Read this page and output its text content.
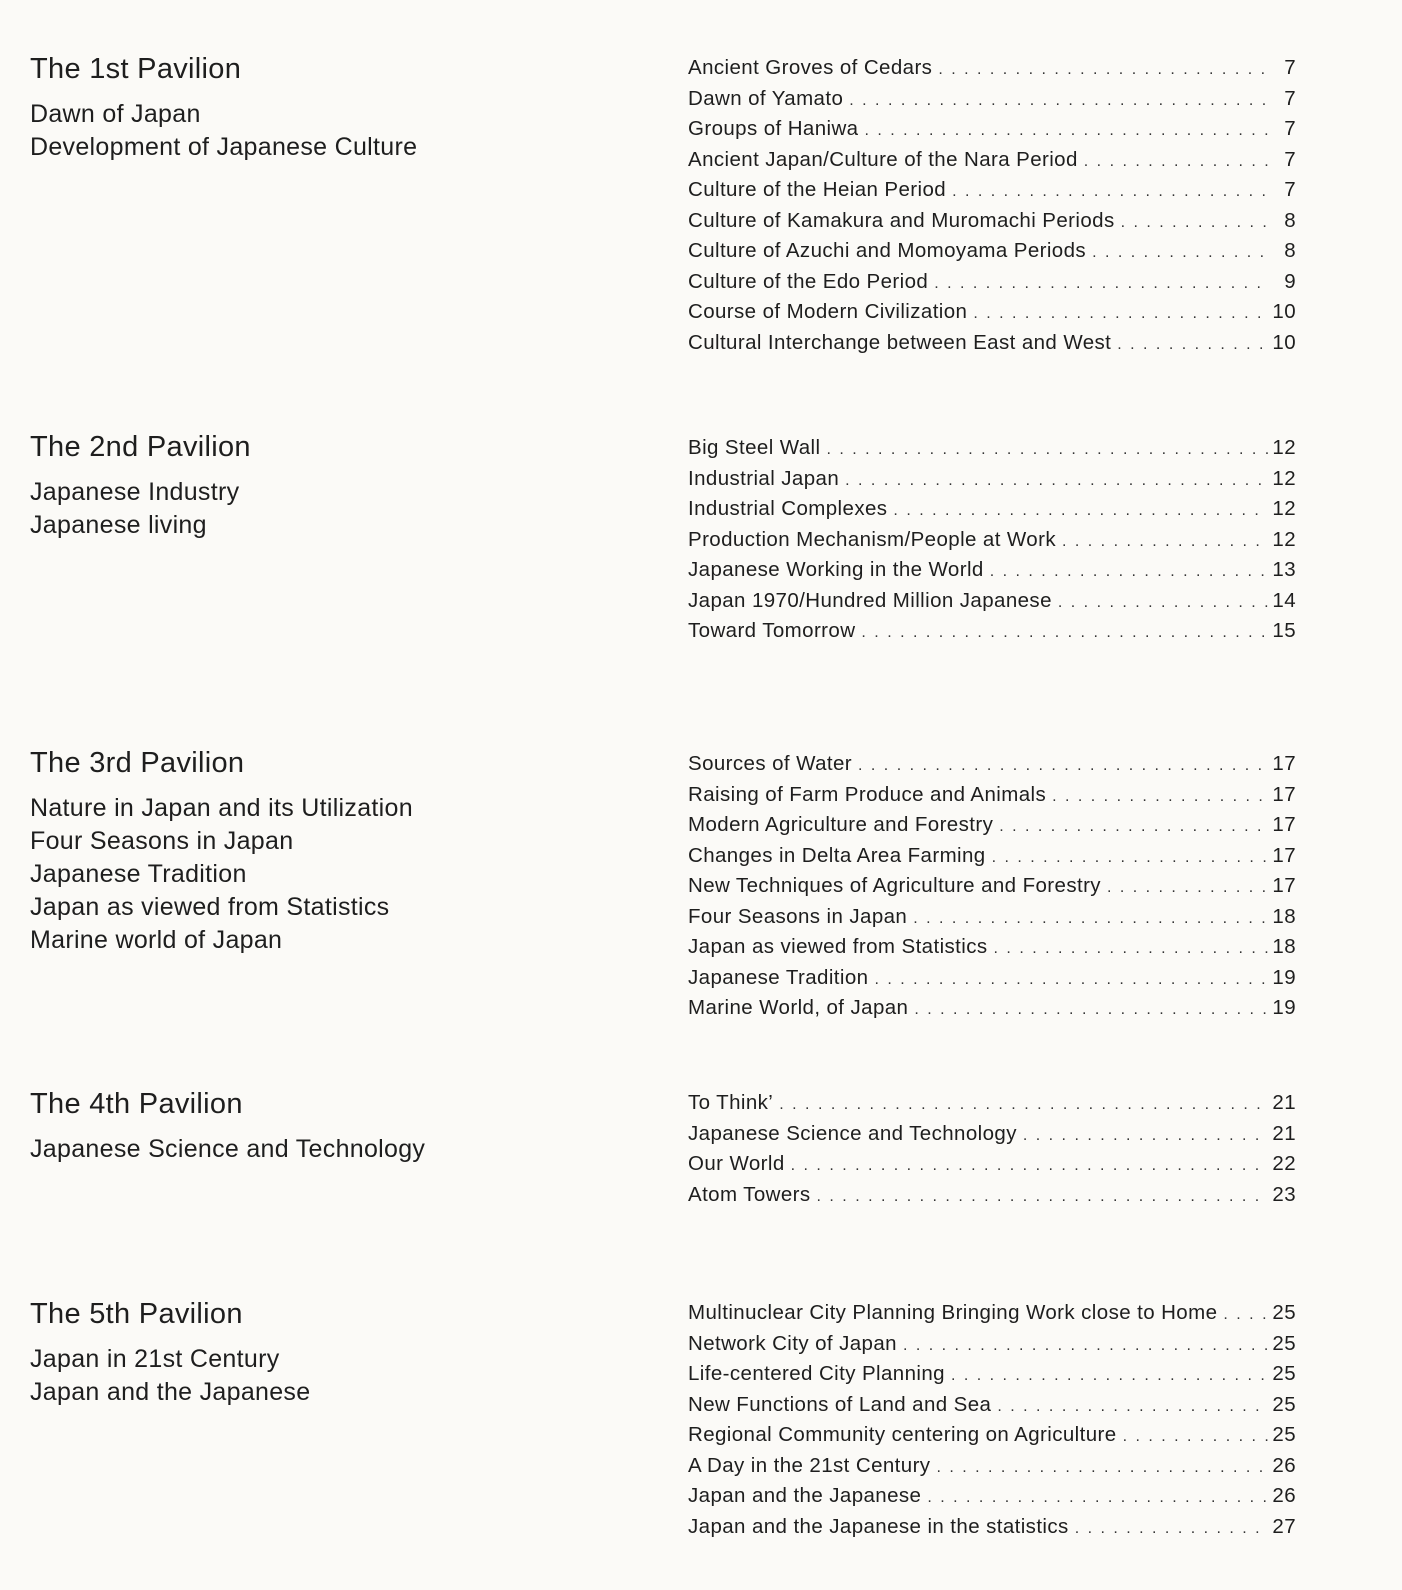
The 1st Pavilion
Dawn of Japan
Development of Japanese Culture
Ancient Groves of Cedars . . .	7
Dawn of Yamato . . .	7
Groups of Haniwa . . .	7
Ancient Japan/Culture of the Nara Period . . .	7
Culture of the Heian Period . . .	7
Culture of Kamakura and Muromachi Periods . . .	8
Culture of Azuchi and Momoyama Periods . . .	8
Culture of the Edo Period . . .	9
Course of Modern Civilization . . .	10
Cultural Interchange between East and West . . .	10
The 2nd Pavilion
Japanese Industry
Japanese living
Big Steel Wall . . .	12
Industrial Japan . . .	12
Industrial Complexes . . .	12
Production Mechanism/People at Work . . .	12
Japanese Working in the World . . .	13
Japan 1970/Hundred Million Japanese . . .	14
Toward Tomorrow . . .	15
The 3rd Pavilion
Nature in Japan and its Utilization
Four Seasons in Japan
Japanese Tradition
Japan as viewed from Statistics
Marine world of Japan
Sources of Water . . .	17
Raising of Farm Produce and Animals . . .	17
Modern Agriculture and Forestry . . .	17
Changes in Delta Area Farming . . .	17
New Techniques of Agriculture and Forestry . . .	17
Four Seasons in Japan . . .	18
Japan as viewed from Statistics . . .	18
Japanese Tradition . . .	19
Marine World, of Japan . . .	19
The 4th Pavilion
Japanese Science and Technology
To Think’ . . .	21
Japanese Science and Technology . . .	21
Our World . . .	22
Atom Towers . . .	23
The 5th Pavilion
Japan in 21st Century
Japan and the Japanese
Multinuclear City Planning Bringing Work close to Home . . .	25
Network City of Japan . . .	25
Life-centered City Planning . . .	25
New Functions of Land and Sea . . .	25
Regional Community centering on Agriculture . . .	25
A Day in the 21st Century . . .	26
Japan and the Japanese . . .	26
Japan and the Japanese in the statistics . . .	27
